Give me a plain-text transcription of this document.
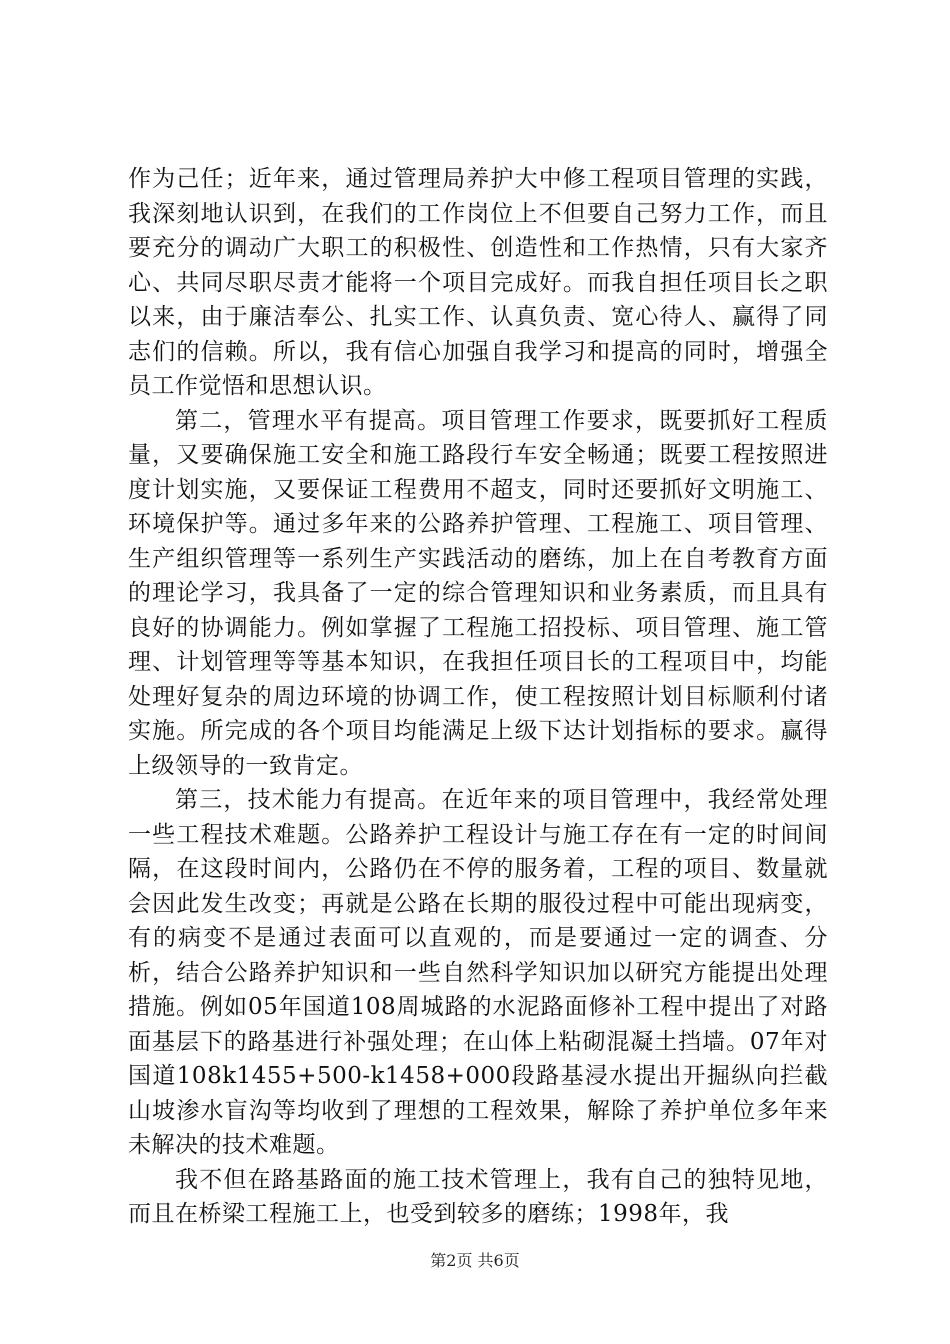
作为己任；近年来，通过管理局养护大中修工程项目管理的实践，我深刻地认识到，在我们的工作岗位上不但要自己努力工作，而且要充分的调动广大职工的积极性、创造性和工作热情，只有大家齐心、共同尽职尽责才能将一个项目完成好。而我自担任项目长之职以来，由于廉洁奉公、扎实工作、认真负责、宽心待人、赢得了同志们的信赖。所以，我有信心加强自我学习和提高的同时，增强全员工作觉悟和思想认识。

第二，管理水平有提高。项目管理工作要求，既要抓好工程质量，又要确保施工安全和施工路段行车安全畅通；既要工程按照进度计划实施，又要保证工程费用不超支，同时还要抓好文明施工、环境保护等。通过多年来的公路养护管理、工程施工、项目管理、生产组织管理等一系列生产实践活动的磨练，加上在自考教育方面的理论学习，我具备了一定的综合管理知识和业务素质，而且具有良好的协调能力。例如掌握了工程施工招投标、项目管理、施工管理、计划管理等等基本知识，在我担任项目长的工程项目中，均能处理好复杂的周边环境的协调工作，使工程按照计划目标顺利付诸实施。所完成的各个项目均能满足上级下达计划指标的要求。赢得上级领导的一致肯定。

第三，技术能力有提高。在近年来的项目管理中，我经常处理一些工程技术难题。公路养护工程设计与施工存在有一定的时间间隔，在这段时间内，公路仍在不停的服务着，工程的项目、数量就会因此发生改变；再就是公路在长期的服役过程中可能出现病变，有的病变不是通过表面可以直观的，而是要通过一定的调查、分析，结合公路养护知识和一些自然科学知识加以研究方能提出处理措施。例如05年国道108周城路的水泥路面修补工程中提出了对路面基层下的路基进行补强处理；在山体上粘砌混凝土挡墙。07年对国道108k1455+500-k1458+000段路基浸水提出开掘纵向拦截山坡渗水盲沟等均收到了理想的工程效果，解除了养护单位多年来未解决的技术难题。

我不但在路基路面的施工技术管理上，我有自己的独特见地，而且在桥梁工程施工上，也受到较多的磨练；1998年，我

第2页 共6页
